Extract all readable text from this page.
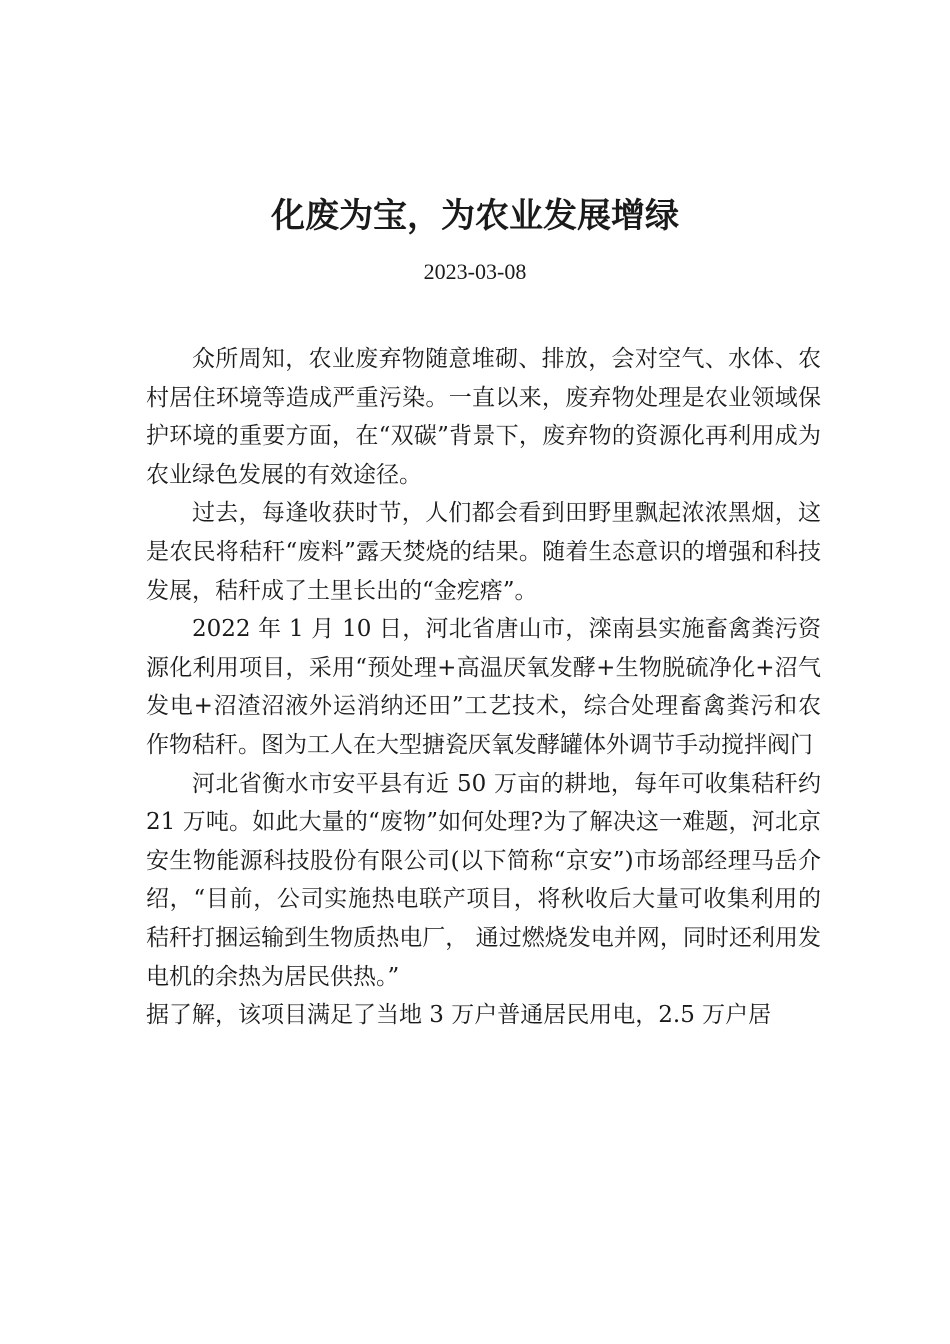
化废为宝，为农业发展增绿
2023-03-08

众所周知，农业废弃物随意堆砌、排放，会对空气、水体、农村居住环境等造成严重污染。一直以来，废弃物处理是农业领域保护环境的重要方面，在“双碳”背景下，废弃物的资源化再利用成为农业绿色发展的有效途径。

过去，每逢收获时节，人们都会看到田野里飘起浓浓黑烟，这是农民将秸秆“废料”露天焚烧的结果。随着生态意识的增强和科技发展，秸秆成了土里长出的“金疙瘩”。

2022 年 1 月 10 日，河北省唐山市，滦南县实施畜禽粪污资源化利用项目，采用“预处理+高温厌氧发酵+生物脱硫净化+沼气发电+沼渣沼液外运消纳还田”工艺技术，综合处理畜禽粪污和农作物秸秆。图为工人在大型搪瓷厌氧发酵罐体外调节手动搅拌阀门

河北省衡水市安平县有近 50 万亩的耕地，每年可收集秸秆约 21 万吨。如此大量的“废物”如何处理?为了解决这一难题，河北京安生物能源科技股份有限公司(以下简称“京安”)市场部经理马岳介绍，“目前，公司实施热电联产项目，将秋收后大量可收集利用的秸秆打捆运输到生物质热电厂， 通过燃烧发电并网，同时还利用发电机的余热为居民供热。”

据了解，该项目满足了当地 3 万户普通居民用电，2.5 万户居
